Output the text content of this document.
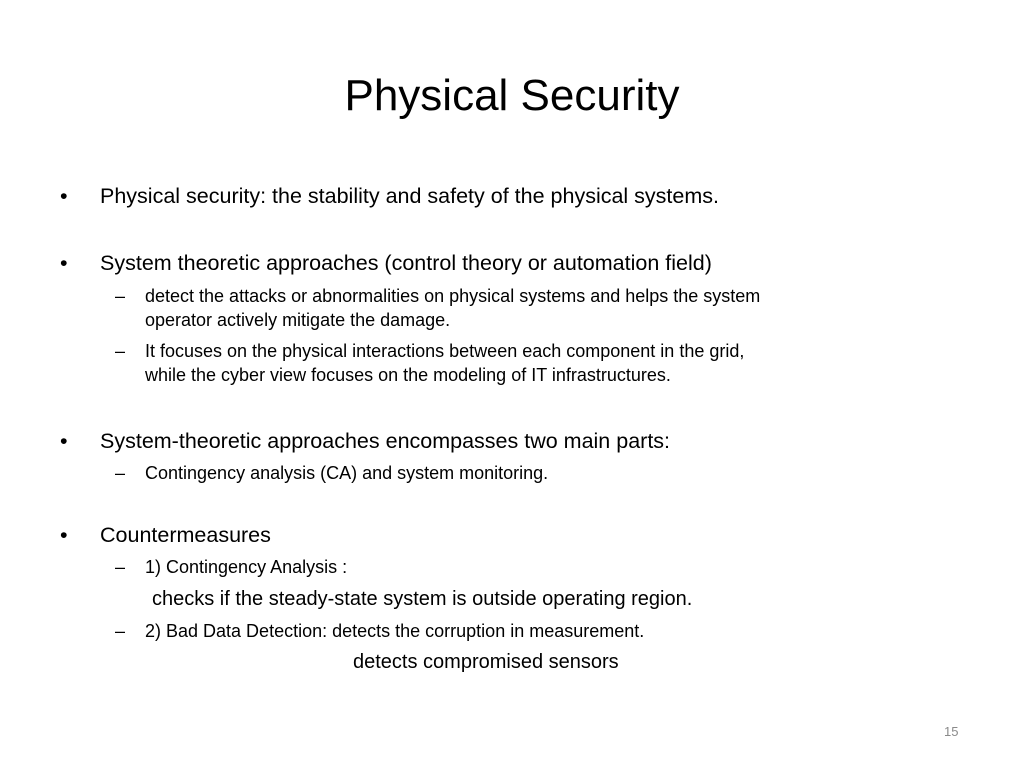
Physical Security
•	Physical security: the stability and safety of the physical systems.
•	System theoretic approaches (control theory or automation field)
– detect the attacks or abnormalities on physical systems and helps the system
operator actively mitigate the damage.
– It focuses on the physical interactions between each component in the grid,
while the cyber view focuses on the modeling of IT infrastructures.
•	System-theoretic approaches encompasses two main parts:
– Contingency analysis (CA) and system monitoring.
•	Countermeasures
– 1) Contingency Analysis :
checks if the steady-state system is outside operating region.
– 2) Bad Data Detection: detects the corruption in measurement.
detects compromised sensors
15
